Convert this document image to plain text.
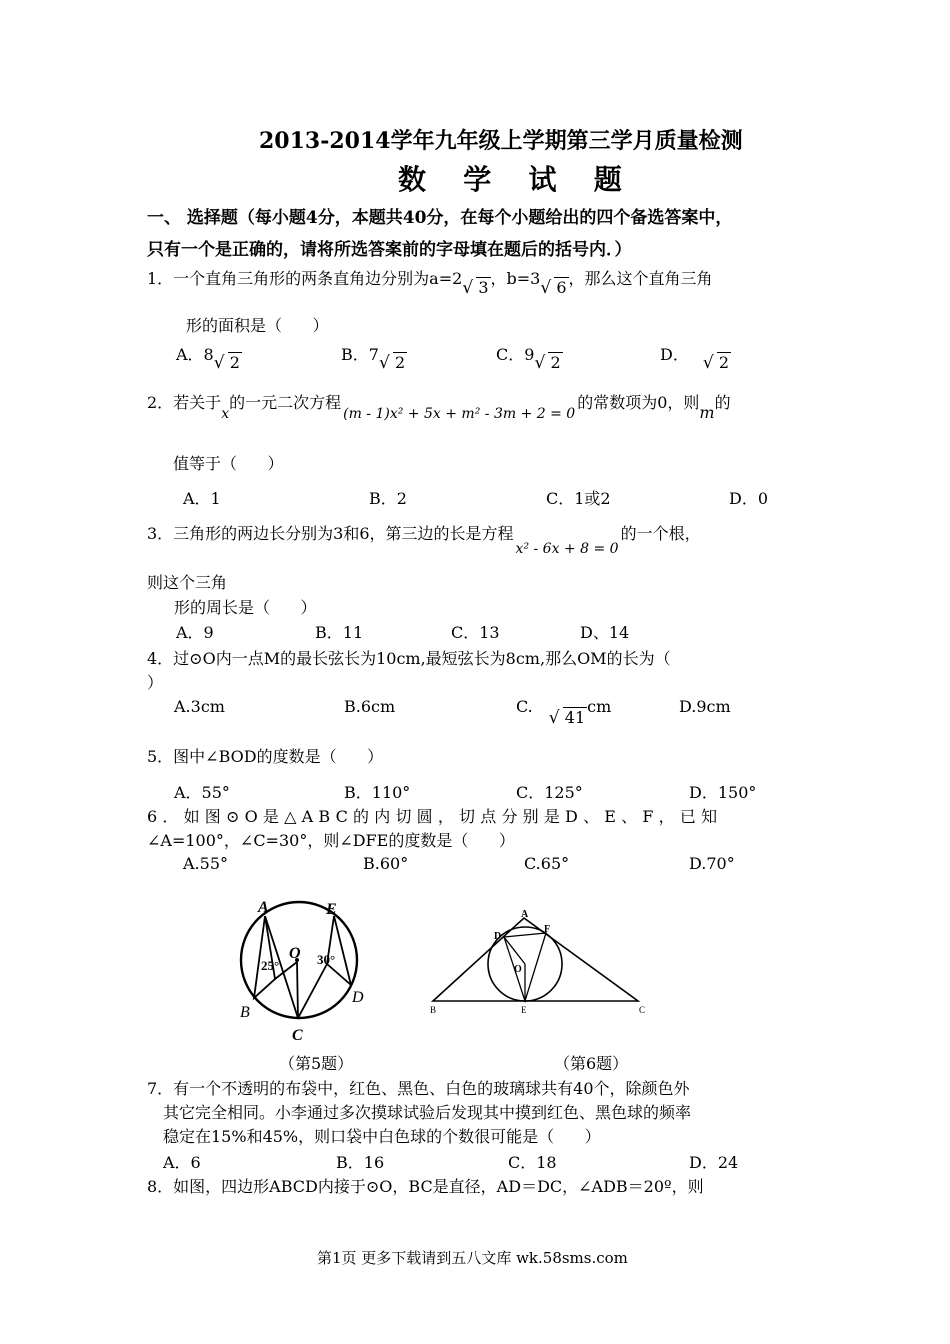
2013-2014学年九年级上学期第三学月质量检测
数   学   试   题
一、 选择题（每小题4分，本题共40分，在每个小题给出的四个备选答案中，
只有一个是正确的，请将所选答案前的字母填在题后的括号内．）
1．一个直角三角形的两条直角边分别为a=2 √ 3 ，b=3 √ 6 ，那么这个直角三角
形的面积是（      ）
A．8 √ 2	B．7 √ 2	C．9 √ 2	D． √ 2
2．若关于x的一元二次方程(m - 1)x² + 5x + m² - 3m + 2 = 0的常数项为0，则m的
值等于（      ）
A．1	B．2	C．1或2	D．0
3．三角形的两边长分别为3和6，第三边的长是方程x² - 6x + 8 = 0的一个根，
则这个三角
形的周长是（      ）
A．9	B．11	C．13	D、14
4．过⊙O内一点M的最长弦长为10cm,最短弦长为8cm,那么OM的长为（
）
A.3cm	B.6cm	C.√ 41cm	D.9cm
5．图中∠BOD的度数是（      ）
A．55°	B．110°	C．125°	D．150°
6．如图⊙O是△ABC的内切圆，切点分别是D、E、F，已知
∠A=100°，∠C=30°，则∠DFE的度数是（      ）
A.55°	B.60°	C.65°	D.70°
A	E
O
B
C
D
25°	30°
（第5题）
A
D
F
O
B	E	C
（第6题）
7．有一个不透明的布袋中，红色、黑色、白色的玻璃球共有40个，除颜色外
其它完全相同。小李通过多次摸球试验后发现其中摸到红色、黑色球的频率
稳定在15%和45%，则口袋中白色球的个数很可能是（      ）
A．6	B．16	C．18	D．24
8．如图，四边形ABCD内接于⊙O，BC是直径，AD＝DC，∠ADB＝20º，则
第1页 更多下载请到五八文库 wk.58sms.com
